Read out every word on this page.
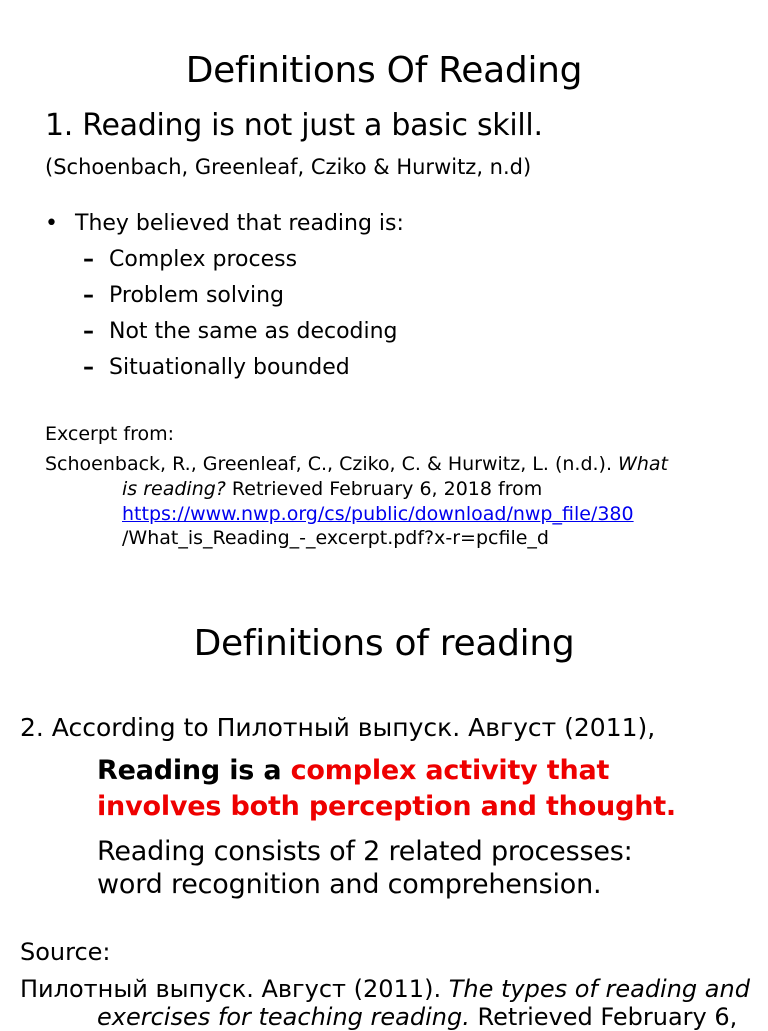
Definitions Of Reading
1. Reading is not just a basic skill.
(Schoenbach, Greenleaf, Cziko & Hurwitz, n.d)
• They believed that reading is:
– Complex process
– Problem solving
– Not the same as decoding
– Situationally bounded
Excerpt from:
Schoenback, R., Greenleaf, C., Cziko, C. & Hurwitz, L. (n.d.). What
is reading? Retrieved February 6, 2018 from
https://www.nwp.org/cs/public/download/nwp_file/380
/What_is_Reading_-_excerpt.pdf?x-r=pcfile_d
Definitions of reading
2. According to Пилотный выпуск. Август (2011),
Reading is a complex activity that
involves both perception and thought.
Reading consists of 2 related processes:
word recognition and comprehension.
Source:
Пилотный выпуск. Август (2011). The types of reading and
exercises for teaching reading. Retrieved February 6,
